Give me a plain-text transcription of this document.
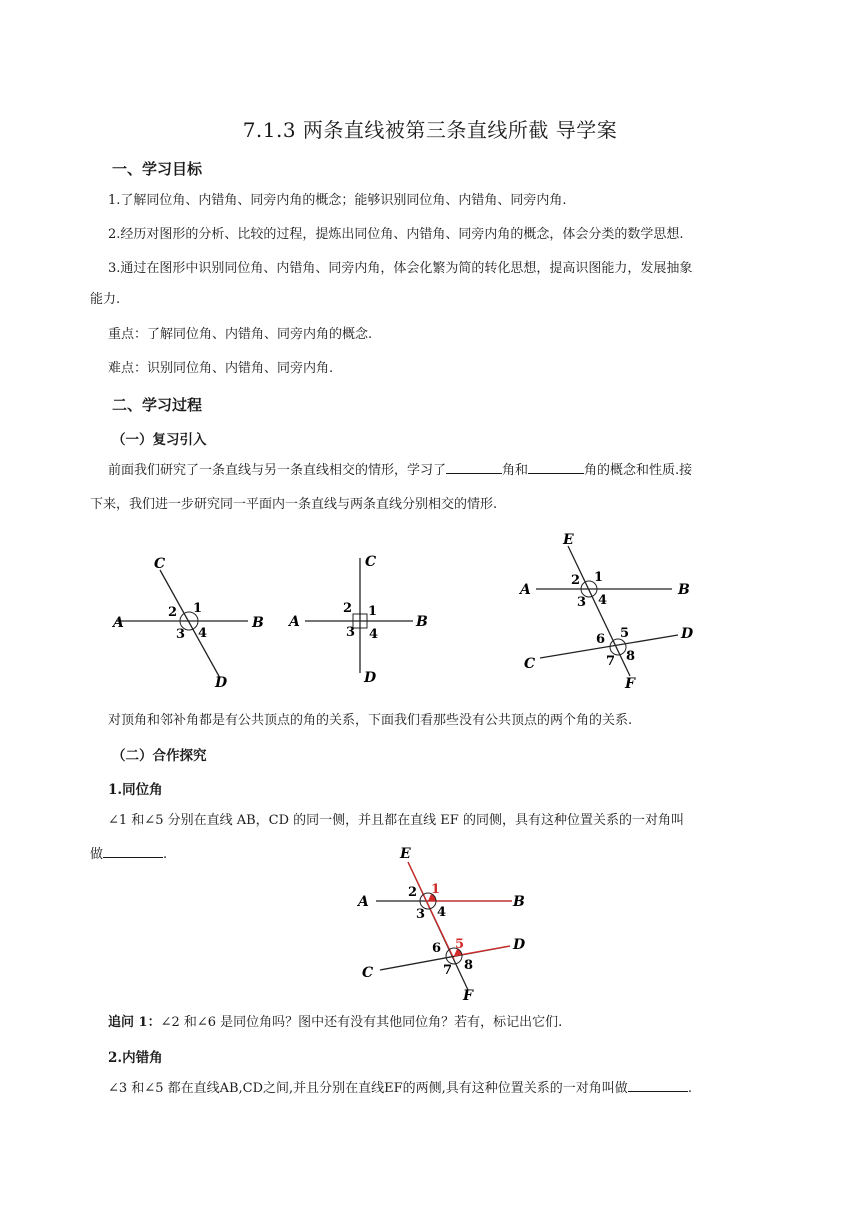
7.1.3 两条直线被第三条直线所截 导学案
一、学习目标
1.了解同位角、内错角、同旁内角的概念；能够识别同位角、内错角、同旁内角.
2.经历对图形的分析、比较的过程，提炼出同位角、内错角、同旁内角的概念，体会分类的数学思想.
3.通过在图形中识别同位角、内错角、同旁内角，体会化繁为简的转化思想，提高识图能力，发展抽象
能力.
重点：了解同位角、内错角、同旁内角的概念.
难点：识别同位角、内错角、同旁内角.
二、学习过程
（一）复习引入
前面我们研究了一条直线与另一条直线相交的情形，学习了	角和	角的概念和性质.接
下来，我们进一步研究同一平面内一条直线与两条直线分别相交的情形.
C
A	B
D
1
2
3 4
C
A	B
D
1
2
3 4
E
A	B
C
D
F
1
2
3 4
5
6
7 8
对顶角和邻补角都是有公共顶点的角的关系，下面我们看那些没有公共顶点的两个角的关系.
（二）合作探究
1.同位角
∠1 和∠5 分别在直线 AB，CD 的同一侧，并且都在直线 EF 的同侧，具有这种位置关系的一对角叫
做	.	E
A	B
C
D
F
1
2
3 4
5
6
7 8
追问 1：∠2 和∠6 是同位角吗？图中还有没有其他同位角？若有，标记出它们.
2.内错角
∠3 和∠5 都在直线AB,CD之间,并且分别在直线EF的两侧,具有这种位置关系的一对角叫做	.
